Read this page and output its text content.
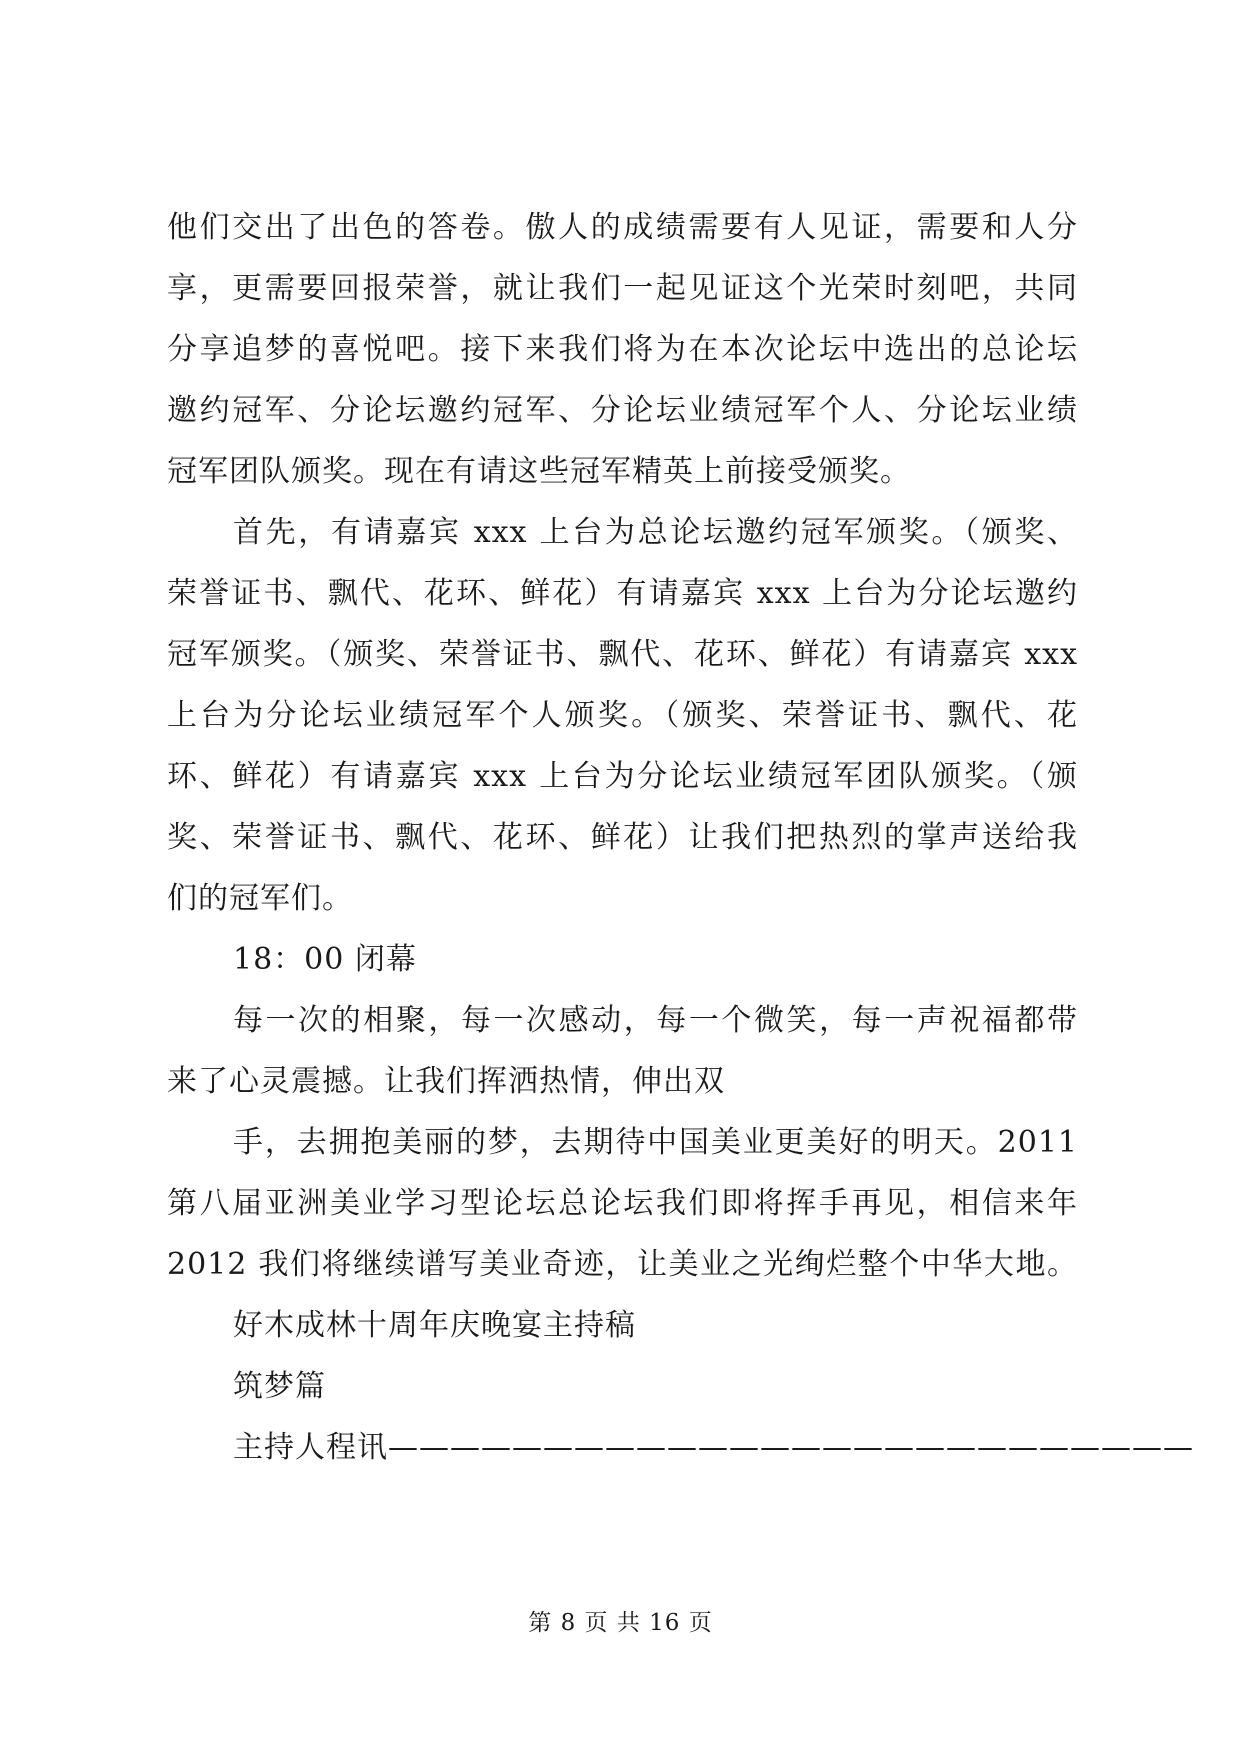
他们交出了出色的答卷。傲人的成绩需要有人见证，需要和人分
享，更需要回报荣誉，就让我们一起见证这个光荣时刻吧，共同
分享追梦的喜悦吧。接下来我们将为在本次论坛中选出的总论坛
邀约冠军、分论坛邀约冠军、分论坛业绩冠军个人、分论坛业绩
冠军团队颁奖。现在有请这些冠军精英上前接受颁奖。
首先，有请嘉宾 xxx 上台为总论坛邀约冠军颁奖。（颁奖、
荣誉证书、飘代、花环、鲜花）有请嘉宾 xxx 上台为分论坛邀约
冠军颁奖。（颁奖、荣誉证书、飘代、花环、鲜花）有请嘉宾 xxx
上台为分论坛业绩冠军个人颁奖。（颁奖、荣誉证书、飘代、花
环、鲜花）有请嘉宾 xxx 上台为分论坛业绩冠军团队颁奖。（颁
奖、荣誉证书、飘代、花环、鲜花）让我们把热烈的掌声送给我
们的冠军们。
18：00 闭幕
每一次的相聚，每一次感动，每一个微笑，每一声祝福都带
来了心灵震撼。让我们挥洒热情，伸出双
手，去拥抱美丽的梦，去期待中国美业更美好的明天。2011
第八届亚洲美业学习型论坛总论坛我们即将挥手再见，相信来年
2012 我们将继续谱写美业奇迹，让美业之光绚烂整个中华大地。
好木成林十周年庆晚宴主持稿
筑梦篇
主持人程讯——————————————————————————
第 8 页 共 16 页
